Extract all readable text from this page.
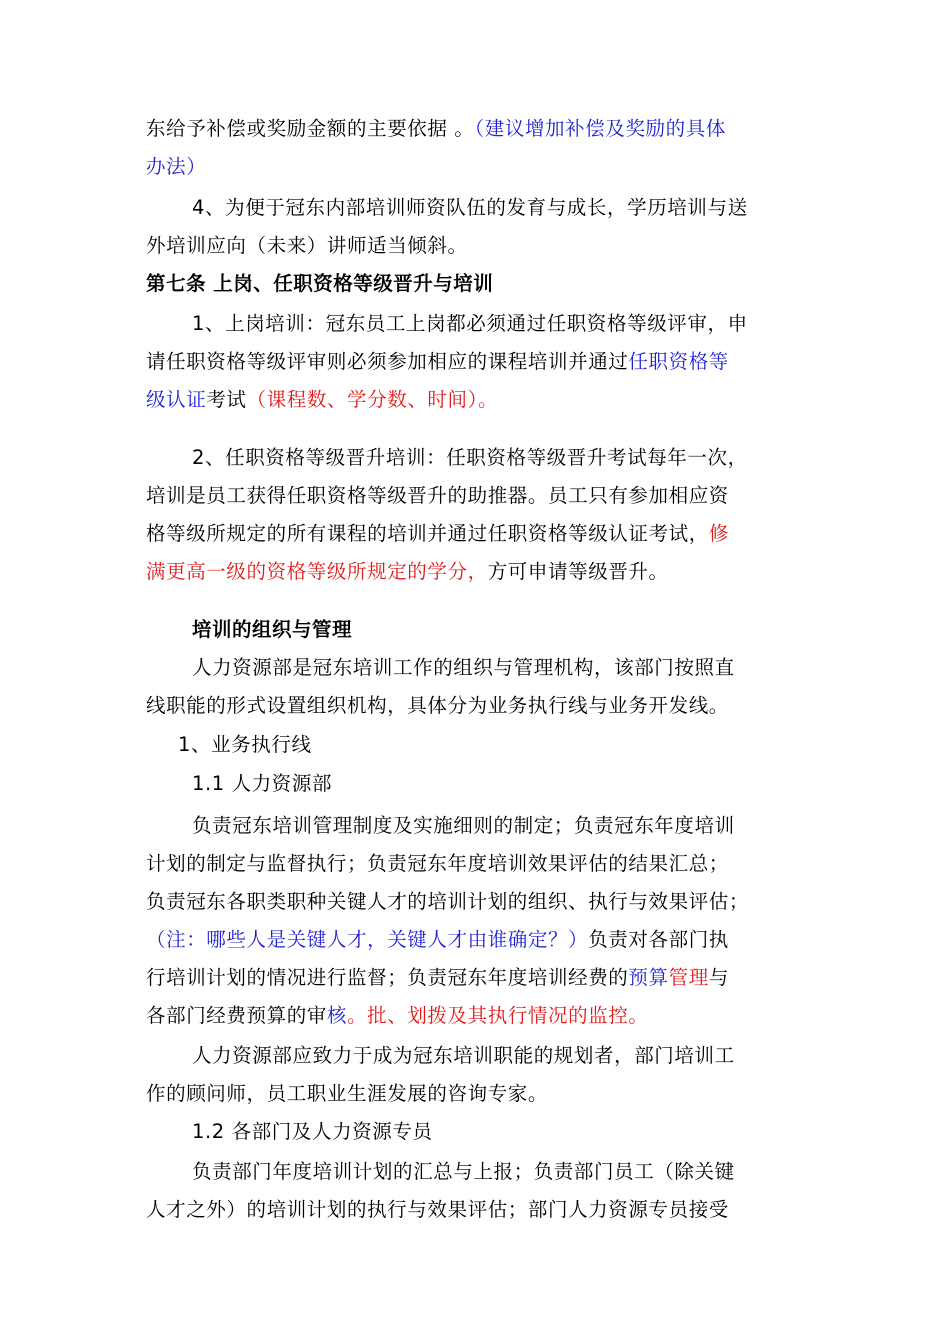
东给予补偿或奖励金额的主要依据 。（建议增加补偿及奖励的具体
办法）
4、为便于冠东内部培训师资队伍的发育与成长，学历培训与送
外培训应向（未来）讲师适当倾斜。
第七条 上岗、任职资格等级晋升与培训
1、上岗培训：冠东员工上岗都必须通过任职资格等级评审，申
请任职资格等级评审则必须参加相应的课程培训并通过任职资格等
级认证考试（课程数、学分数、时间）。
2、任职资格等级晋升培训：任职资格等级晋升考试每年一次，
培训是员工获得任职资格等级晋升的助推器。员工只有参加相应资
格等级所规定的所有课程的培训并通过任职资格等级认证考试，修
满更高一级的资格等级所规定的学分，方可申请等级晋升。
培训的组织与管理
人力资源部是冠东培训工作的组织与管理机构，该部门按照直
线职能的形式设置组织机构，具体分为业务执行线与业务开发线。
1、业务执行线
1.1 人力资源部
负责冠东培训管理制度及实施细则的制定；负责冠东年度培训
计划的制定与监督执行；负责冠东年度培训效果评估的结果汇总；
负责冠东各职类职种关键人才的培训计划的组织、执行与效果评估；
（注：哪些人是关键人才，关键人才由谁确定？）负责对各部门执
行培训计划的情况进行监督；负责冠东年度培训经费的预算管理与
各部门经费预算的审核。批、划拨及其执行情况的监控。
人力资源部应致力于成为冠东培训职能的规划者，部门培训工
作的顾问师，员工职业生涯发展的咨询专家。
1.2 各部门及人力资源专员
负责部门年度培训计划的汇总与上报；负责部门员工（除关键
人才之外）的培训计划的执行与效果评估；部门人力资源专员接受
